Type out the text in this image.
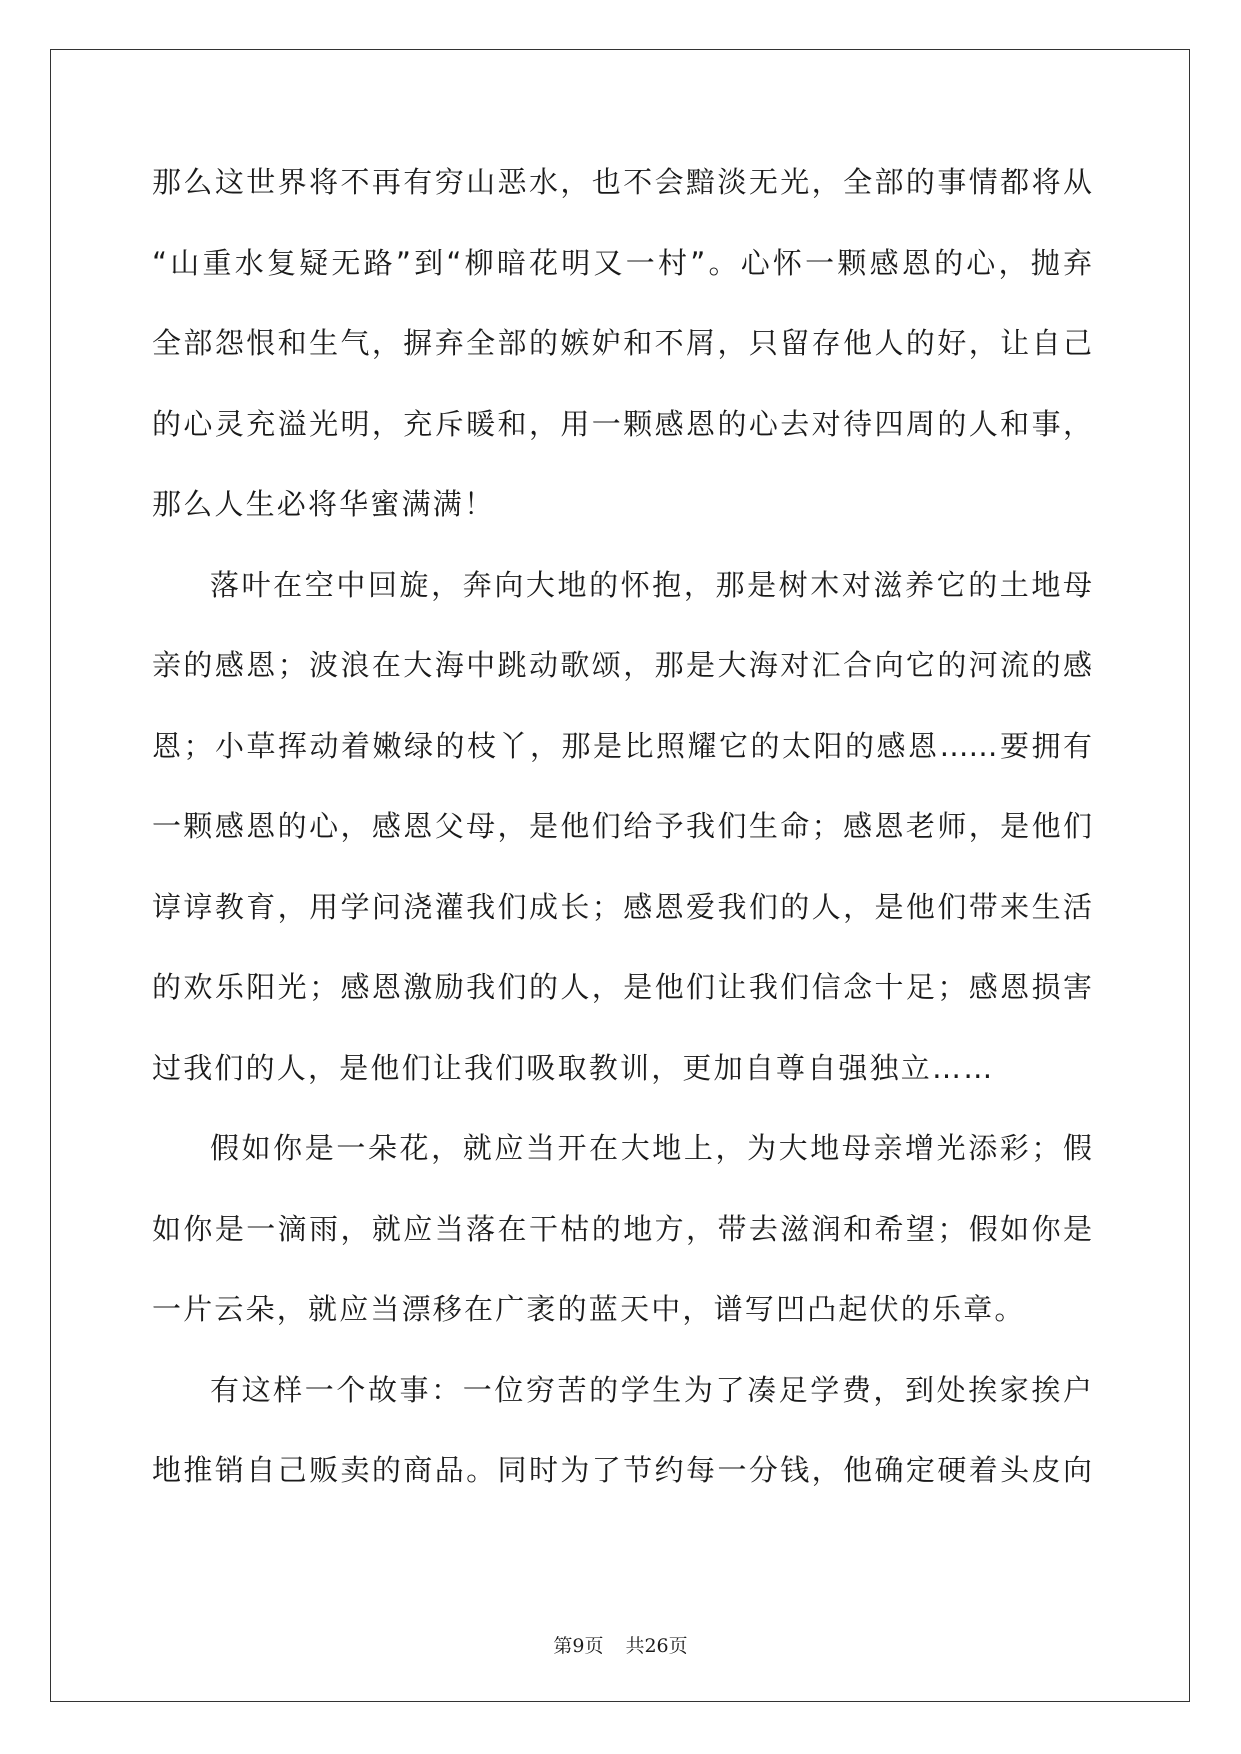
那么这世界将不再有穷山恶水，也不会黯淡无光，全部的事情都将从
“山重水复疑无路”到“柳暗花明又一村”。心怀一颗感恩的心，抛弃
全部怨恨和生气，摒弃全部的嫉妒和不屑，只留存他人的好，让自己
的心灵充溢光明，充斥暖和，用一颗感恩的心去对待四周的人和事，
那么人生必将华蜜满满！
落叶在空中回旋，奔向大地的怀抱，那是树木对滋养它的土地母
亲的感恩；波浪在大海中跳动歌颂，那是大海对汇合向它的河流的感
恩；小草挥动着嫩绿的枝丫，那是比照耀它的太阳的感恩……要拥有
一颗感恩的心，感恩父母，是他们给予我们生命；感恩老师，是他们
谆谆教育，用学问浇灌我们成长；感恩爱我们的人，是他们带来生活
的欢乐阳光；感恩激励我们的人，是他们让我们信念十足；感恩损害
过我们的人，是他们让我们吸取教训，更加自尊自强独立……
假如你是一朵花，就应当开在大地上，为大地母亲增光添彩；假
如你是一滴雨，就应当落在干枯的地方，带去滋润和希望；假如你是
一片云朵，就应当漂移在广袤的蓝天中，谱写凹凸起伏的乐章。
有这样一个故事：一位穷苦的学生为了凑足学费，到处挨家挨户
地推销自己贩卖的商品。同时为了节约每一分钱，他确定硬着头皮向
第9页 共26页
